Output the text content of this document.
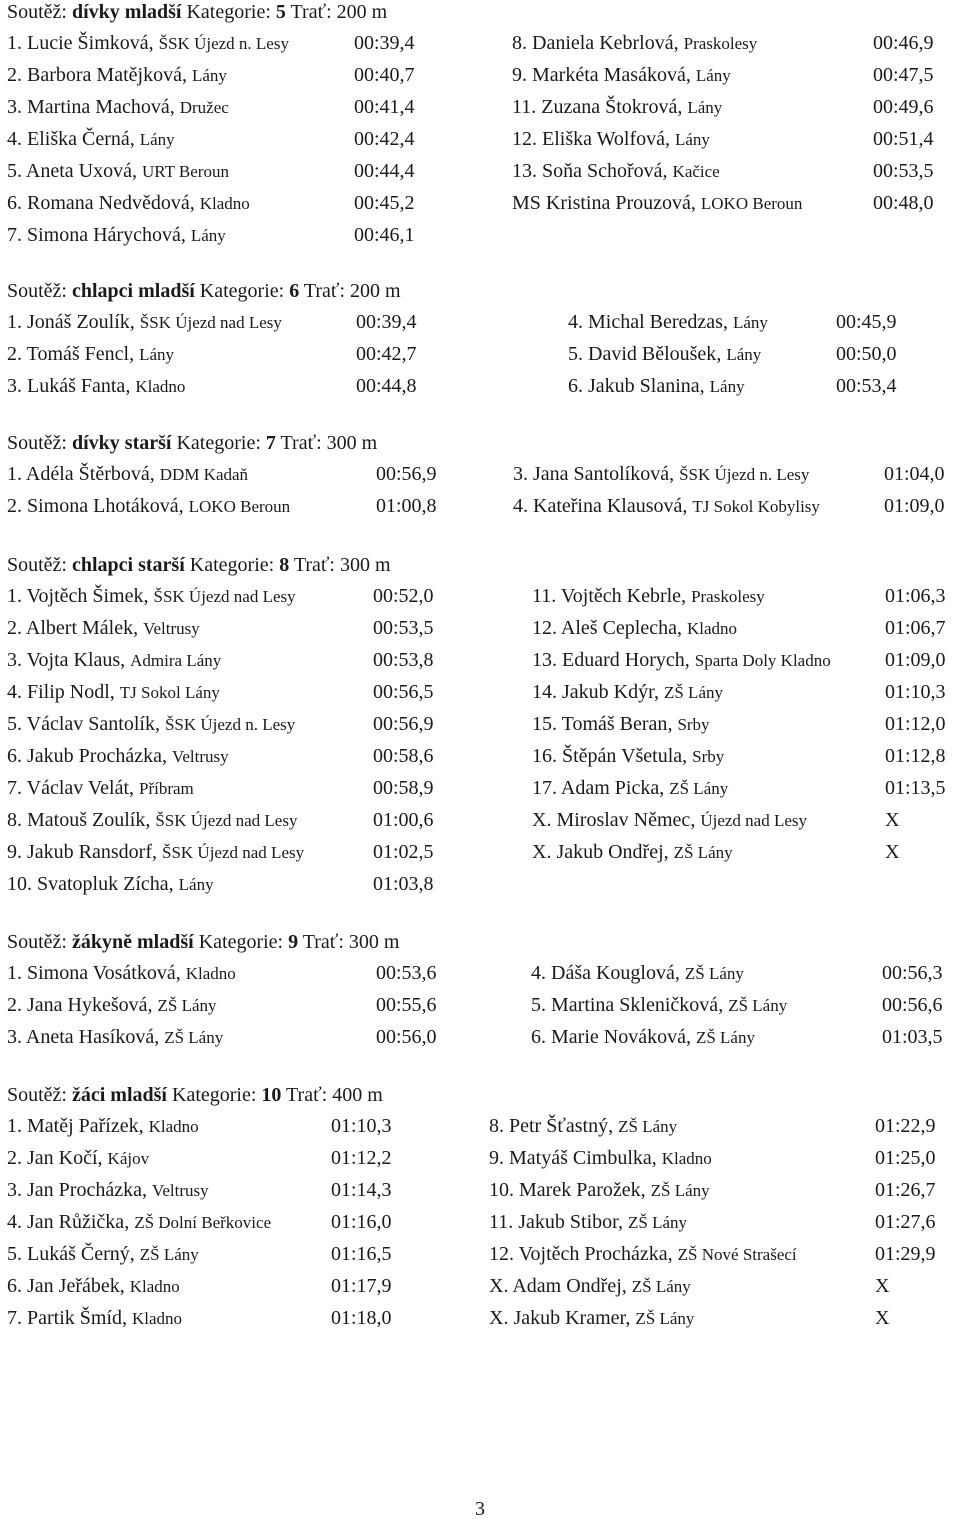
Soutěž: dívky mladší Kategorie: 5 Trať: 200 m
1. Lucie Šimková, ŠSK Újezd n. Lesy	00:39,4	8. Daniela Kebrlová, Praskolesy	00:46,9
2. Barbora Matějková, Lány	00:40,7	9. Markéta Masáková, Lány	00:47,5
3. Martina Machová, Družec	00:41,4	11. Zuzana Štokrová, Lány	00:49,6
4. Eliška Černá, Lány	00:42,4	12. Eliška Wolfová, Lány	00:51,4
5. Aneta Uxová, URT Beroun	00:44,4	13. Soňa Schořová, Kačice	00:53,5
6. Romana Nedvědová, Kladno	00:45,2	MS Kristina Prouzová, LOKO Beroun	00:48,0
7. Simona Hárychová, Lány	00:46,1
Soutěž: chlapci mladší Kategorie: 6 Trať: 200 m
1. Jonáš Zoulík, ŠSK Újezd nad Lesy	00:39,4	4. Michal Beredzas, Lány	00:45,9
2. Tomáš Fencl, Lány	00:42,7	5. David Běloušek, Lány	00:50,0
3. Lukáš Fanta, Kladno	00:44,8	6. Jakub Slanina, Lány	00:53,4
Soutěž: dívky starší Kategorie: 7 Trať: 300 m
1. Adéla Štěrbová, DDM Kadaň	00:56,9	3. Jana Santolíková, ŠSK Újezd n. Lesy	01:04,0
2. Simona Lhotáková, LOKO Beroun	01:00,8	4. Kateřina Klausová, TJ Sokol Kobylisy	01:09,0
Soutěž: chlapci starší Kategorie: 8 Trať: 300 m
1. Vojtěch Šimek, ŠSK Újezd nad Lesy	00:52,0	11. Vojtěch Kebrle, Praskolesy	01:06,3
2. Albert Málek, Veltrusy	00:53,5	12. Aleš Ceplecha, Kladno	01:06,7
3. Vojta Klaus, Admira Lány	00:53,8	13. Eduard Horych, Sparta Doly Kladno	01:09,0
4. Filip Nodl, TJ Sokol Lány	00:56,5	14. Jakub Kdýr, ZŠ Lány	01:10,3
5. Václav Santolík, ŠSK Újezd n. Lesy	00:56,9	15. Tomáš Beran, Srby	01:12,0
6. Jakub Procházka, Veltrusy	00:58,6	16. Štěpán Všetula, Srby	01:12,8
7. Václav Velát, Příbram	00:58,9	17. Adam Picka, ZŠ Lány	01:13,5
8. Matouš Zoulík, ŠSK Újezd nad Lesy	01:00,6	X. Miroslav Němec, Újezd nad Lesy	X
9. Jakub Ransdorf, ŠSK Újezd nad Lesy	01:02,5	X. Jakub Ondřej, ZŠ Lány	X
10. Svatopluk Zícha, Lány	01:03,8
Soutěž: žákyně mladší Kategorie: 9 Trať: 300 m
1. Simona Vosátková, Kladno	00:53,6	4. Dáša Kouglová, ZŠ Lány	00:56,3
2. Jana Hykešová, ZŠ Lány	00:55,6	5. Martina Skleničková, ZŠ Lány	00:56,6
3. Aneta Hasíková, ZŠ Lány	00:56,0	6. Marie Nováková, ZŠ Lány	01:03,5
Soutěž: žáci mladší Kategorie: 10 Trať: 400 m
1. Matěj Pařízek, Kladno	01:10,3	8. Petr Šťastný, ZŠ Lány	01:22,9
2. Jan Kočí, Kájov	01:12,2	9. Matyáš Cimbulka, Kladno	01:25,0
3. Jan Procházka, Veltrusy	01:14,3	10. Marek Parožek, ZŠ Lány	01:26,7
4. Jan Růžička, ZŠ Dolní Beřkovice	01:16,0	11. Jakub Stibor, ZŠ Lány	01:27,6
5. Lukáš Černý, ZŠ Lány	01:16,5	12. Vojtěch Procházka, ZŠ Nové Strašecí	01:29,9
6. Jan Jeřábek, Kladno	01:17,9	X. Adam Ondřej, ZŠ Lány	X
7. Partik Šmíd, Kladno	01:18,0	X. Jakub Kramer, ZŠ Lány	X
3
